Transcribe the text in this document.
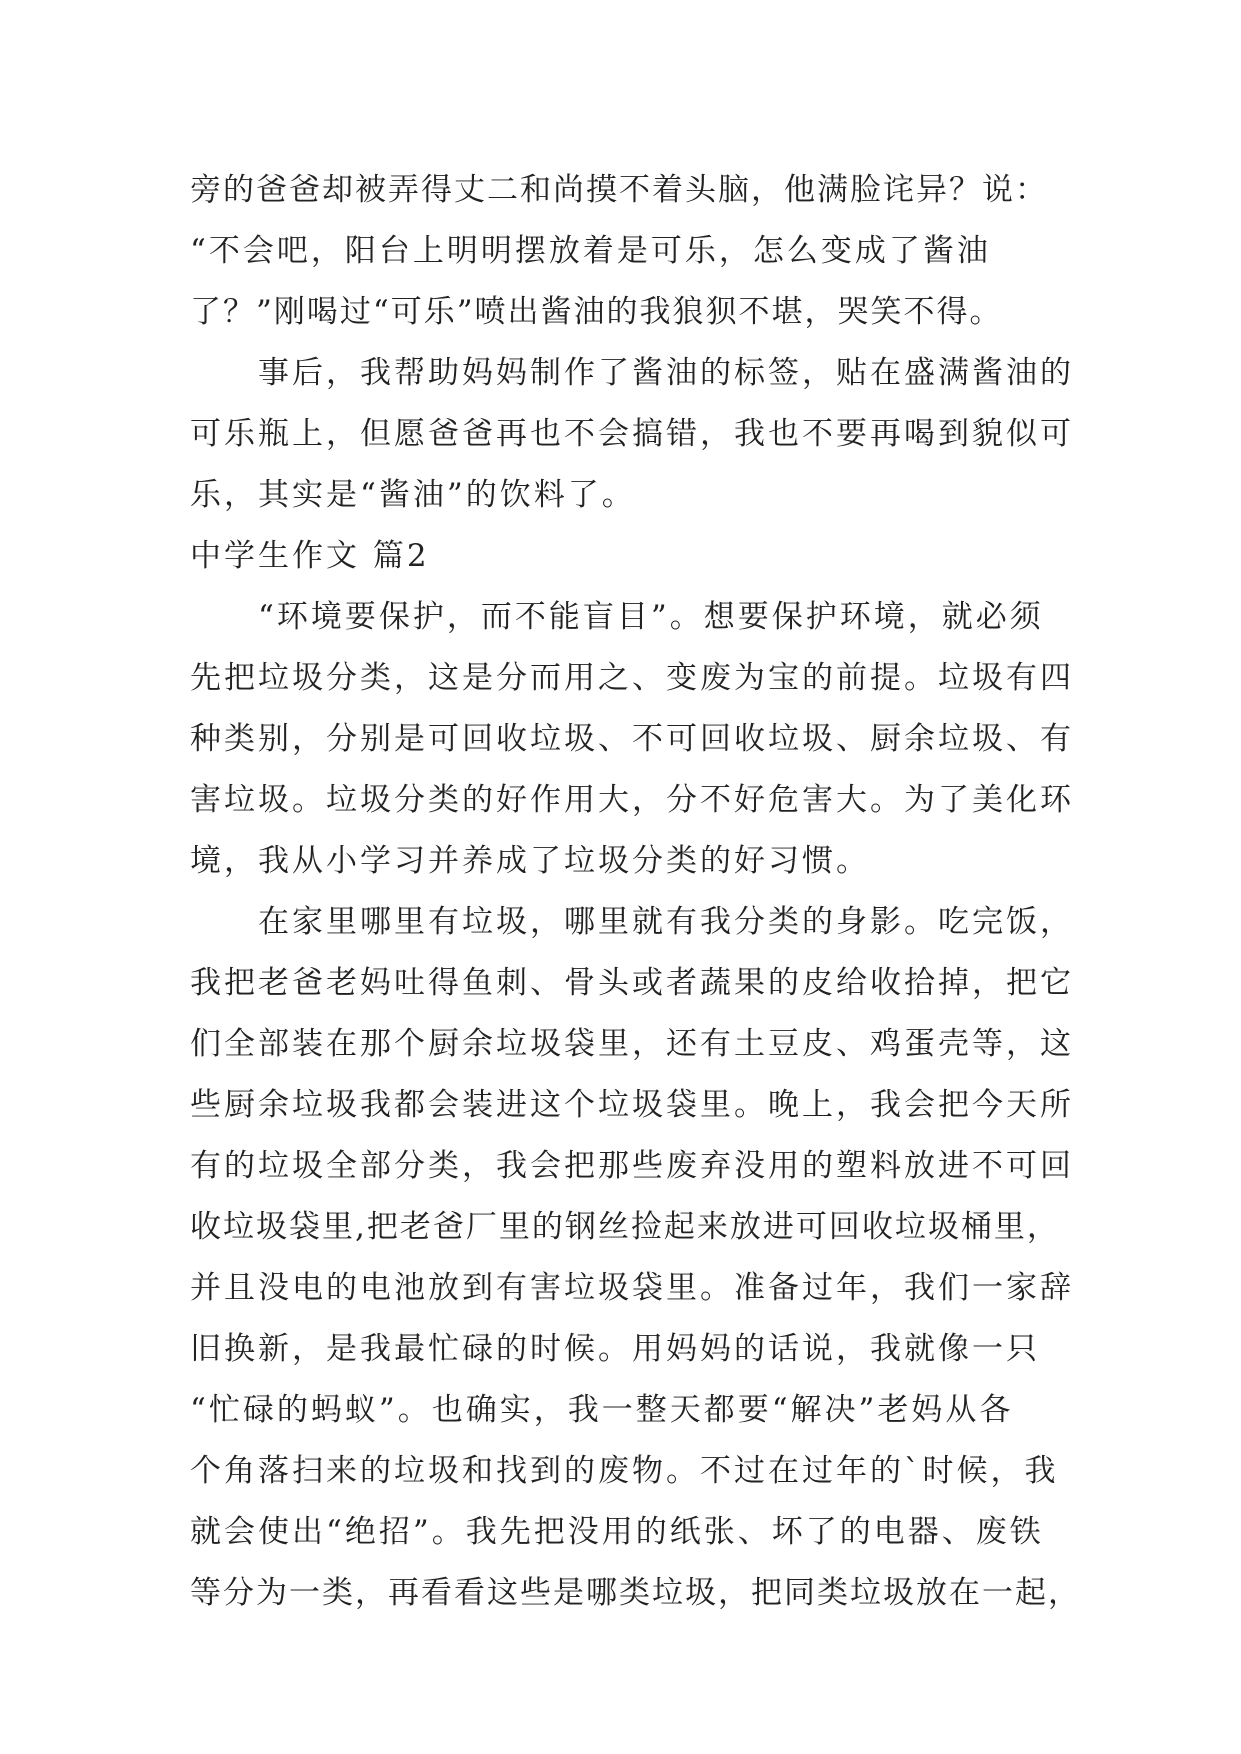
旁的爸爸却被弄得丈二和尚摸不着头脑，他满脸诧异？说：
“不会吧，阳台上明明摆放着是可乐，怎么变成了酱油
了？”刚喝过“可乐”喷出酱油的我狼狈不堪，哭笑不得。
　　事后，我帮助妈妈制作了酱油的标签，贴在盛满酱油的
可乐瓶上，但愿爸爸再也不会搞错，我也不要再喝到貌似可
乐，其实是“酱油”的饮料了。
中学生作文 篇2
　　“环境要保护，而不能盲目”。想要保护环境，就必须
先把垃圾分类，这是分而用之、变废为宝的前提。垃圾有四
种类别，分别是可回收垃圾、不可回收垃圾、厨余垃圾、有
害垃圾。垃圾分类的好作用大，分不好危害大。为了美化环
境，我从小学习并养成了垃圾分类的好习惯。
　　在家里哪里有垃圾，哪里就有我分类的身影。吃完饭，
我把老爸老妈吐得鱼刺、骨头或者蔬果的皮给收拾掉，把它
们全部装在那个厨余垃圾袋里，还有土豆皮、鸡蛋壳等，这
些厨余垃圾我都会装进这个垃圾袋里。晚上，我会把今天所
有的垃圾全部分类，我会把那些废弃没用的塑料放进不可回
收垃圾袋里,把老爸厂里的钢丝捡起来放进可回收垃圾桶里，
并且没电的电池放到有害垃圾袋里。准备过年，我们一家辞
旧换新，是我最忙碌的时候。用妈妈的话说，我就像一只
“忙碌的蚂蚁”。也确实，我一整天都要“解决”老妈从各
个角落扫来的垃圾和找到的废物。不过在过年的`时候，我
就会使出“绝招”。我先把没用的纸张、坏了的电器、废铁
等分为一类，再看看这些是哪类垃圾，把同类垃圾放在一起，
